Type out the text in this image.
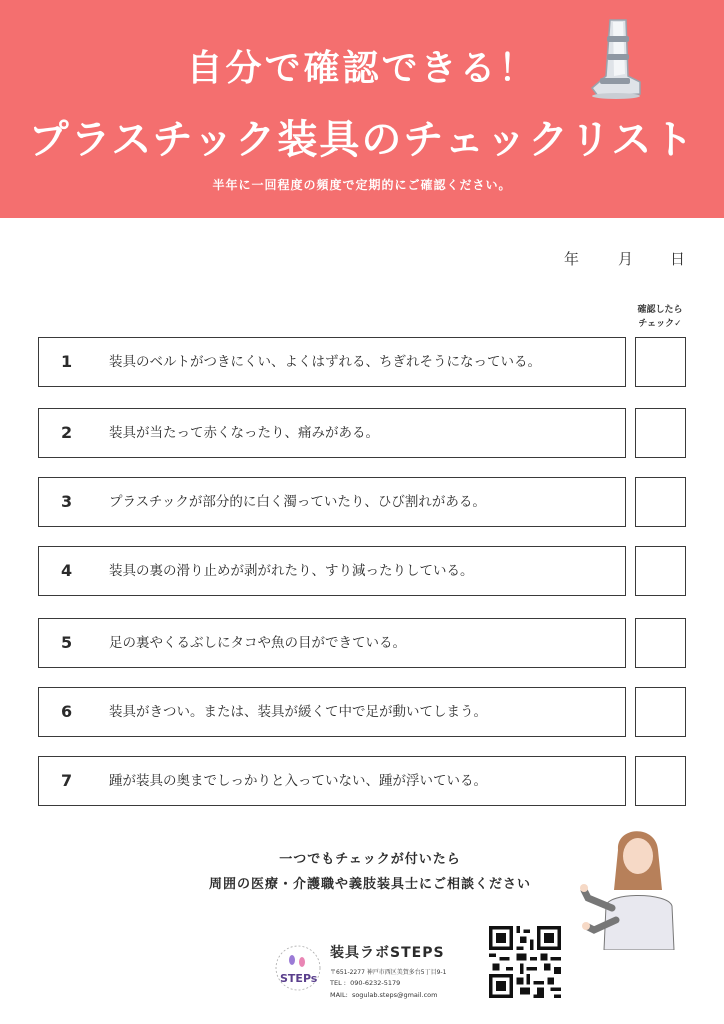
自分で確認できる！
プラスチック装具のチェックリスト
半年に一回程度の頻度で定期的にご確認ください。
年	月 日
確認したら
チェック✓
1	装具のベルトがつきにくい、よくはずれる、ちぎれそうになっている。
2	装具が当たって赤くなったり、痛みがある。
3	プラスチックが部分的に白く濁っていたり、ひび割れがある。
4	装具の裏の滑り止めが剥がれたり、すり減ったりしている。
5	足の裏やくるぶしにタコや魚の目ができている。
6	装具がきつい。または、装具が緩くて中で足が動いてしまう。
7	踵が装具の奥までしっかりと入っていない、踵が浮いている。
一つでもチェックが付いたら
周囲の医療・介護職や義肢装具士にご相談ください
STEPs
装具ラボSTEPS
〒651-2277 神戸市西区美賀多台5丁目9-1
TEL : 090-6232-5179
MAIL: sogulab.steps@gmail.com
